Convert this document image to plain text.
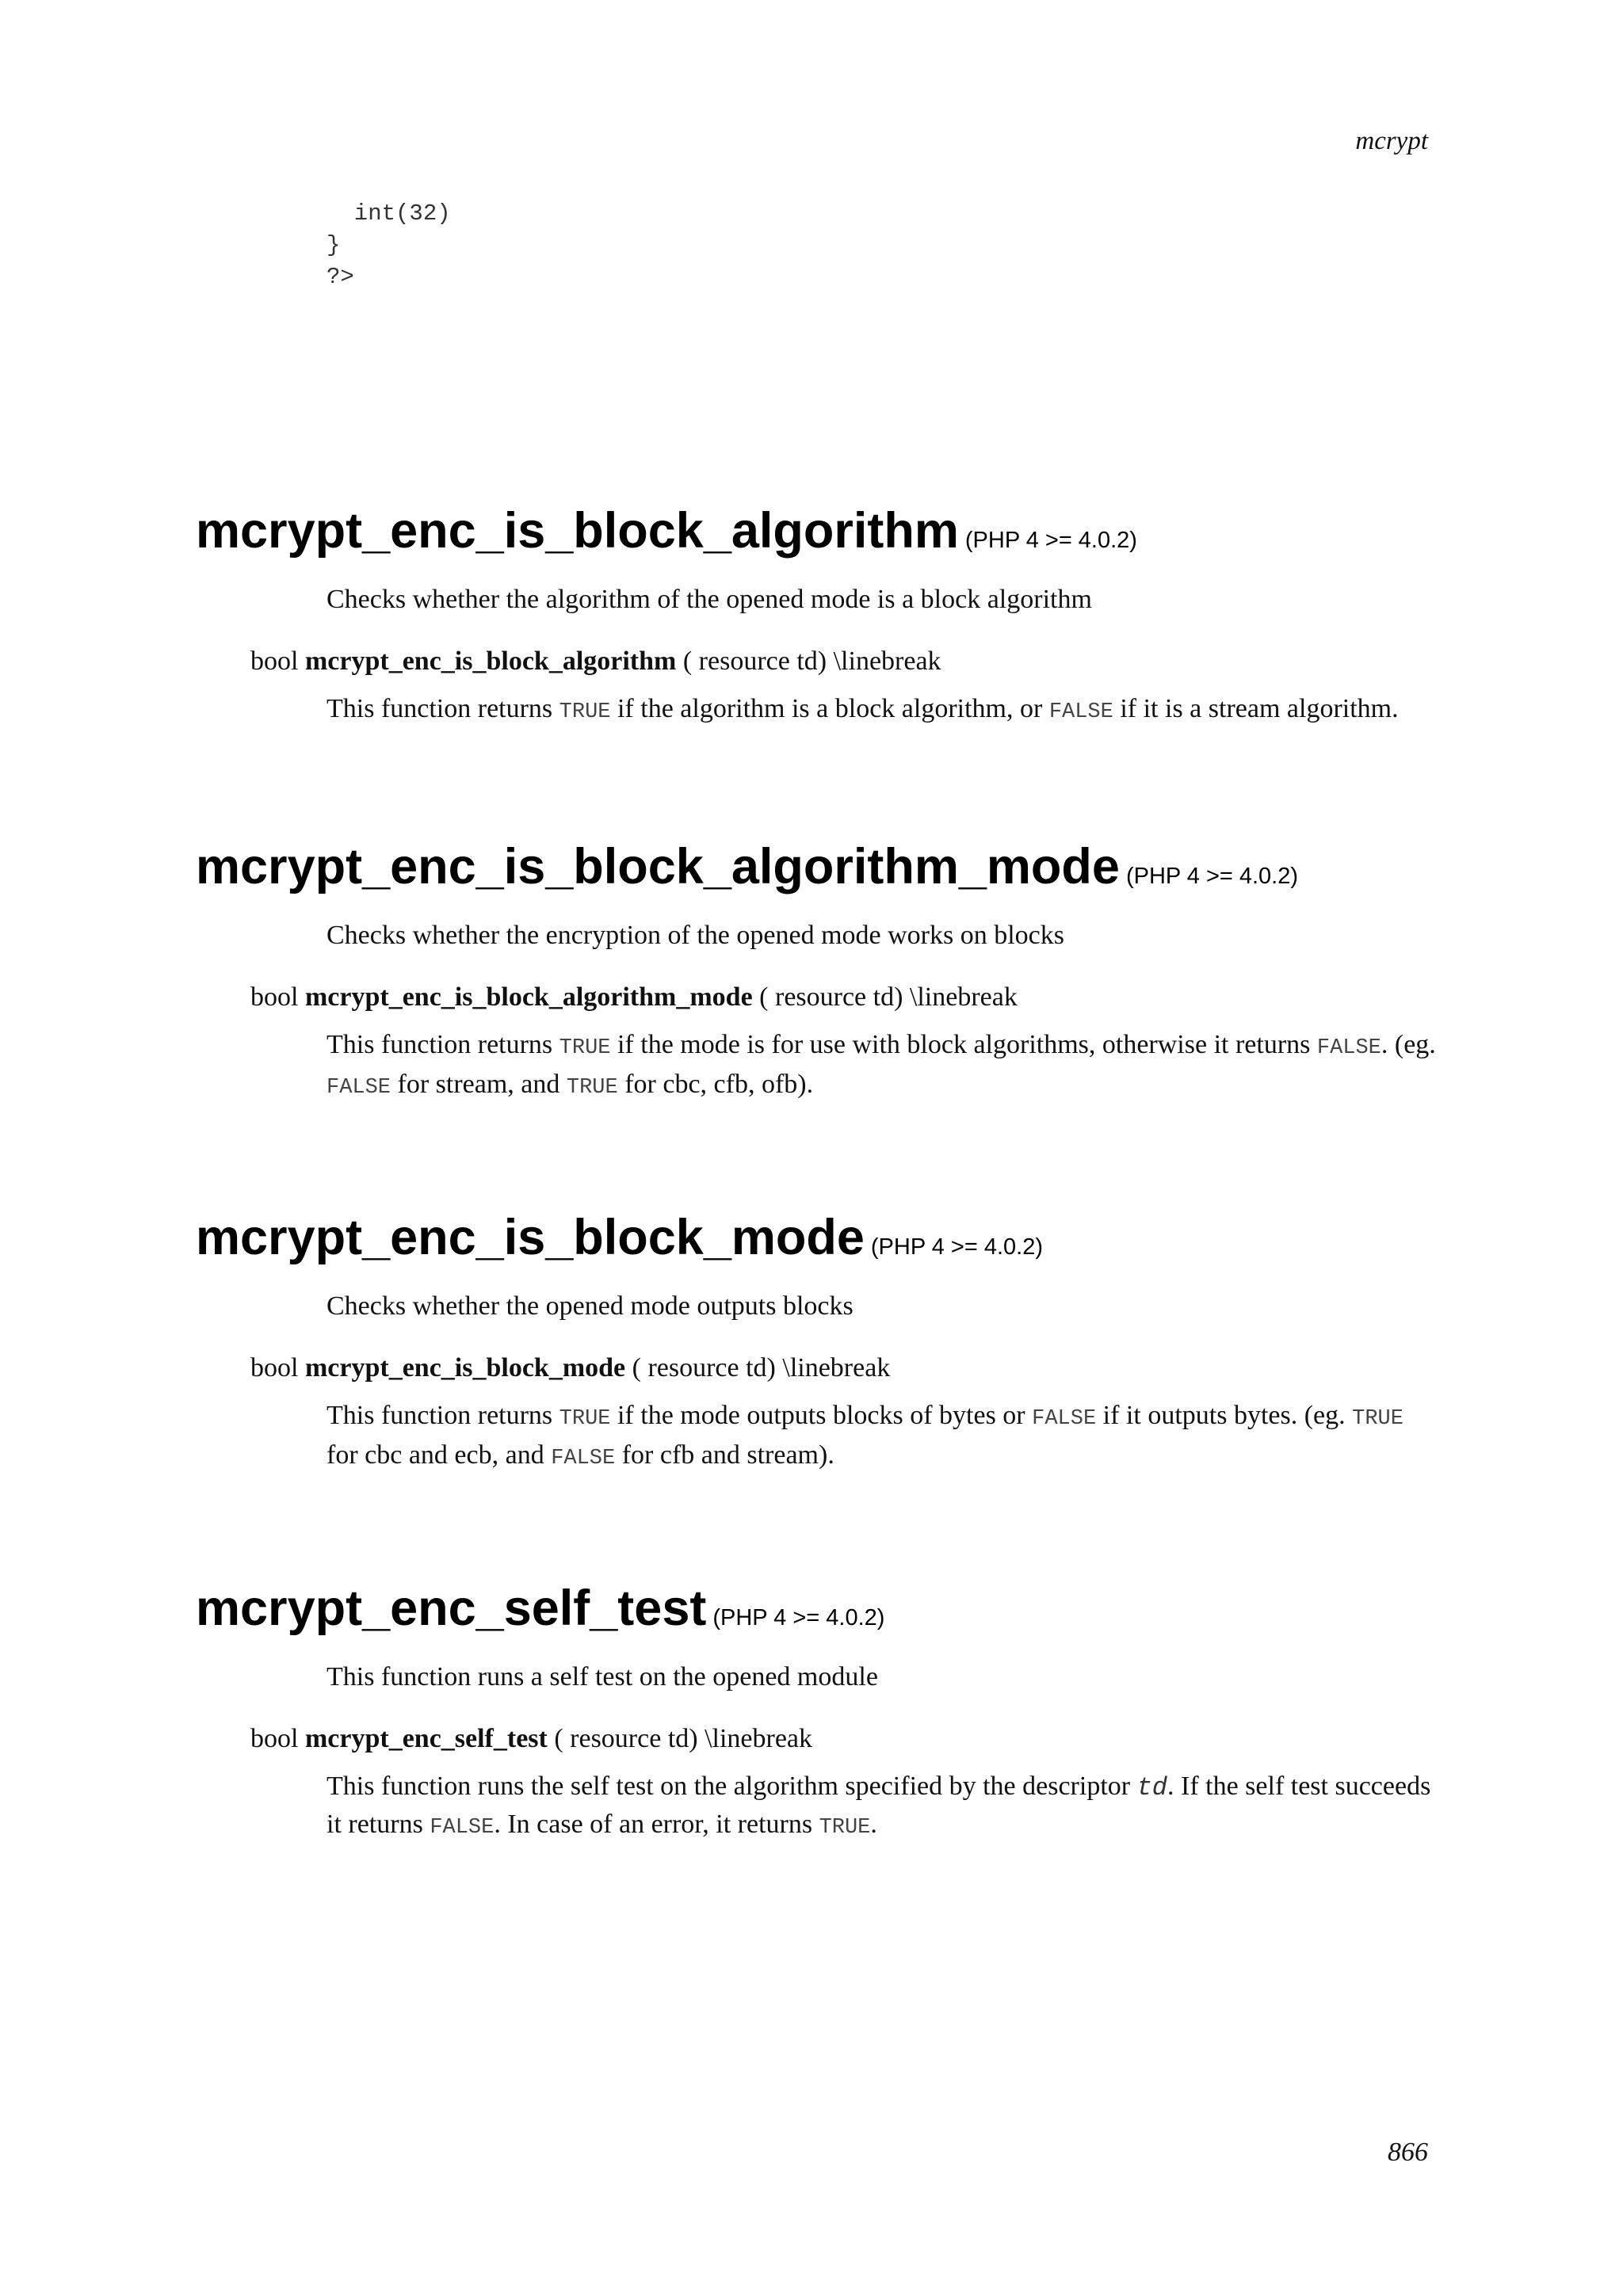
mcrypt

int(32)
}
?>
mcrypt_enc_is_block_algorithm (PHP 4 >= 4.0.2)

Checks whether the algorithm of the opened mode is a block algorithm

bool mcrypt_enc_is_block_algorithm ( resource td) \linebreak

This function returns TRUE if the algorithm is a block algorithm, or FALSE if it is a stream algorithm.

mcrypt_enc_is_block_algorithm_mode (PHP 4 >= 4.0.2)

Checks whether the encryption of the opened mode works on blocks

bool mcrypt_enc_is_block_algorithm_mode ( resource td) \linebreak

This function returns TRUE if the mode is for use with block algorithms, otherwise it returns FALSE. (eg. FALSE for stream, and TRUE for cbc, cfb, ofb).

mcrypt_enc_is_block_mode (PHP 4 >= 4.0.2)

Checks whether the opened mode outputs blocks

bool mcrypt_enc_is_block_mode ( resource td) \linebreak

This function returns TRUE if the mode outputs blocks of bytes or FALSE if it outputs bytes. (eg. TRUE for cbc and ecb, and FALSE for cfb and stream).

mcrypt_enc_self_test (PHP 4 >= 4.0.2)

This function runs a self test on the opened module

bool mcrypt_enc_self_test ( resource td) \linebreak

This function runs the self test on the algorithm specified by the descriptor td. If the self test succeeds it returns FALSE. In case of an error, it returns TRUE.

866
